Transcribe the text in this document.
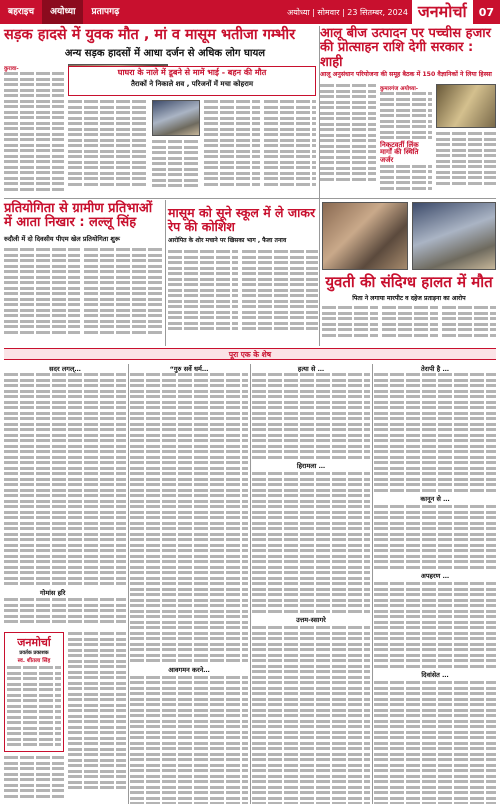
बहराइच	अयोध्या	प्रतापगढ़	अयोध्या | सोमवार | 23 सितम्बर, 2024 जनमोर्चा	07
सड़क हादसे में युवक मौत , मां व मासूम भतीजा गम्भीर
अन्य सड़क हादसों में आधा दर्जन से अधिक लोग घायल
आलू बीज उत्पादन पर पच्चीस हजार की प्रोत्साहन राशि देगी सरकार : शाही
आलू अनुसंधान परियोजना की समूह बैठक में 150 वैज्ञानिकों ने लिया हिस्सा
कुरावा-	घाघरा के नाले में डूबने से मामें भाई - बहन की मौत
तैराकों ने निकाले शव , परिजनों में मचा कोहराम
कुमारगंज अयोध्या-
निकटवर्ती लिंक मार्गों की स्थिति जर्जर
प्रतियोगिता से ग्रामीण प्रतिभाओं में आता निखार : लल्लू सिंह
रुदौली में दो दिवसीय पीएम खेल प्रतियोगिता शुरू
मासूम को सूने स्कूल में ले जाकर रेप की कोशिश
आरोपित के शोर मचाने पर खिसका भाग , फैला तनाव
युवती की संदिग्ध हालत में मौत
पिता ने लगाया मारपीट व दहेज प्रताड़ना का आरोप
पूरा एक के शेष
सदर लगल्…
गोमांस हरि
जनमोर्चा
प्रवर्तक प्रकाशक
स्व. शीतला सिंह
“गुरु सर्वे धर्म…
आवगमन करने…
हत्या से …
हिरामला …
उत्तम-स्सागरे
तेरापी है …
कानून से …
अपहरण …
दिवांसेत …
